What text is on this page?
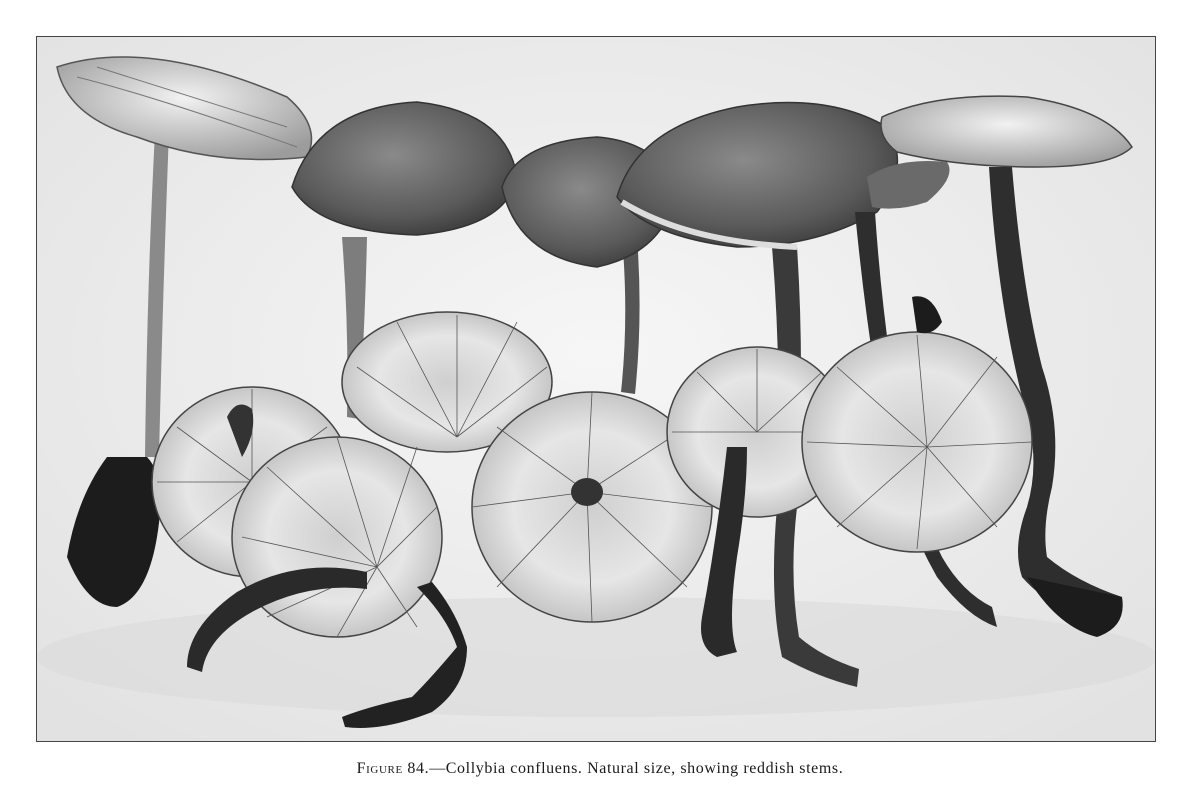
Figure 84.—Collybia confluens. Natural size, showing reddish stems.
